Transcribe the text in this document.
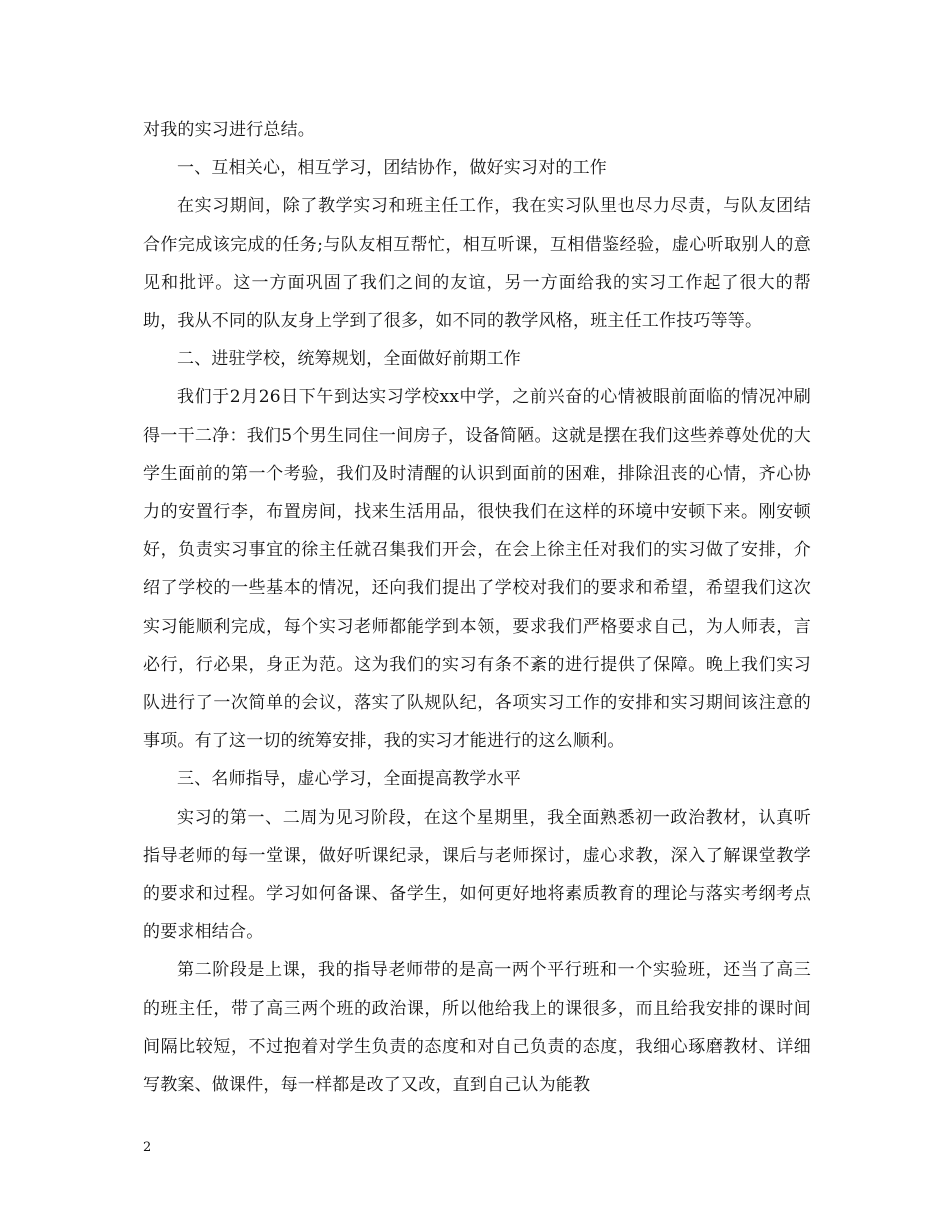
对我的实习进行总结。

一、互相关心，相互学习，团结协作，做好实习对的工作

在实习期间，除了教学实习和班主任工作，我在实习队里也尽力尽责，与队友团结合作完成该完成的任务;与队友相互帮忙，相互听课，互相借鉴经验，虚心听取别人的意见和批评。这一方面巩固了我们之间的友谊，另一方面给我的实习工作起了很大的帮助，我从不同的队友身上学到了很多，如不同的教学风格，班主任工作技巧等等。

二、进驻学校，统筹规划，全面做好前期工作

我们于2月26日下午到达实习学校xx中学，之前兴奋的心情被眼前面临的情况冲刷得一干二净：我们5个男生同住一间房子，设备简陋。这就是摆在我们这些养尊处优的大学生面前的第一个考验，我们及时清醒的认识到面前的困难，排除沮丧的心情，齐心协力的安置行李，布置房间，找来生活用品，很快我们在这样的环境中安顿下来。刚安顿好，负责实习事宜的徐主任就召集我们开会，在会上徐主任对我们的实习做了安排，介绍了学校的一些基本的情况，还向我们提出了学校对我们的要求和希望，希望我们这次实习能顺利完成，每个实习老师都能学到本领，要求我们严格要求自己，为人师表，言必行，行必果，身正为范。这为我们的实习有条不紊的进行提供了保障。晚上我们实习队进行了一次简单的会议，落实了队规队纪，各项实习工作的安排和实习期间该注意的事项。有了这一切的统筹安排，我的实习才能进行的这么顺利。

三、名师指导，虚心学习，全面提高教学水平

实习的第一、二周为见习阶段，在这个星期里，我全面熟悉初一政治教材，认真听指导老师的每一堂课，做好听课纪录，课后与老师探讨，虚心求教，深入了解课堂教学的要求和过程。学习如何备课、备学生，如何更好地将素质教育的理论与落实考纲考点的要求相结合。

第二阶段是上课，我的指导老师带的是高一两个平行班和一个实验班，还当了高三的班主任，带了高三两个班的政治课，所以他给我上的课很多，而且给我安排的课时间间隔比较短，不过抱着对学生负责的态度和对自己负责的态度，我细心琢磨教材、详细写教案、做课件，每一样都是改了又改，直到自己认为能教

2
